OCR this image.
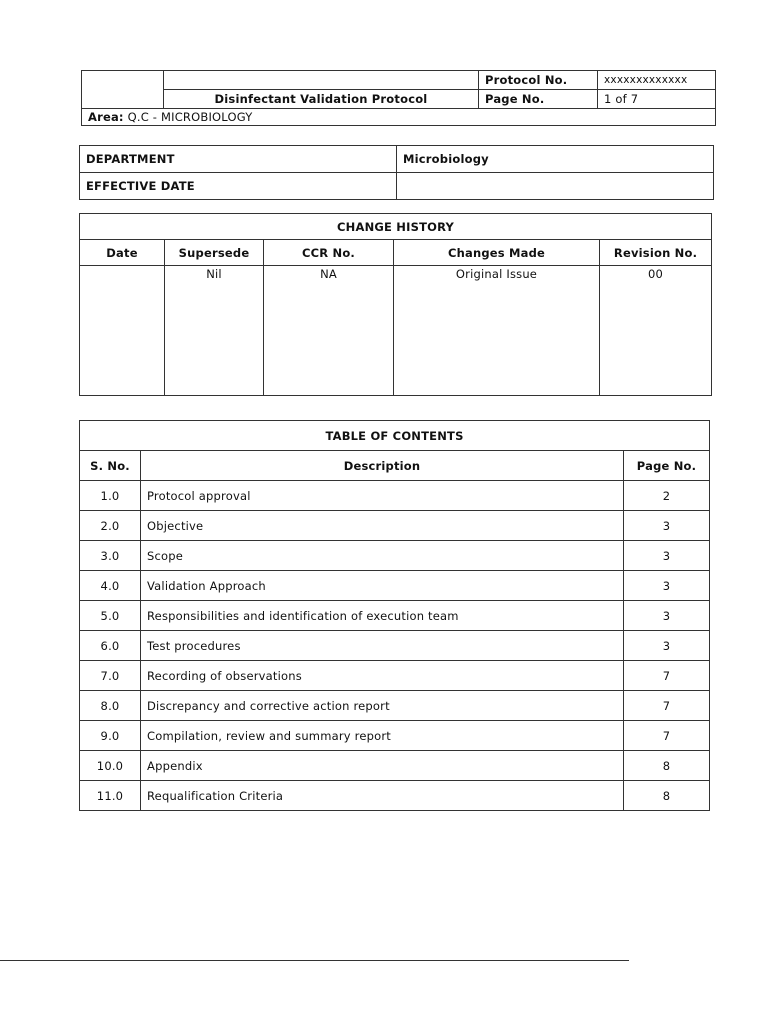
		Protocol No.	xxxxxxxxxxxxx
	Disinfectant Validation Protocol	Page No.	1 of 7
Area: Q.C - MICROBIOLOGY			
DEPARTMENT	Microbiology
EFFECTIVE DATE	
CHANGE HISTORY				
Date	Supersede	CCR No.	Changes Made	Revision No.
	Nil	NA	Original Issue	00
TABLE OF CONTENTS		
S. No.	Description	Page No.
1.0	Protocol approval	2
2.0	Objective	3
3.0	Scope	3
4.0	Validation Approach	3
5.0	Responsibilities and identification of execution team	3
6.0	Test procedures	3
7.0	Recording of observations	7
8.0	Discrepancy and corrective action report	7
9.0	Compilation, review and summary report	7
10.0	Appendix	8
11.0	Requalification Criteria	8
